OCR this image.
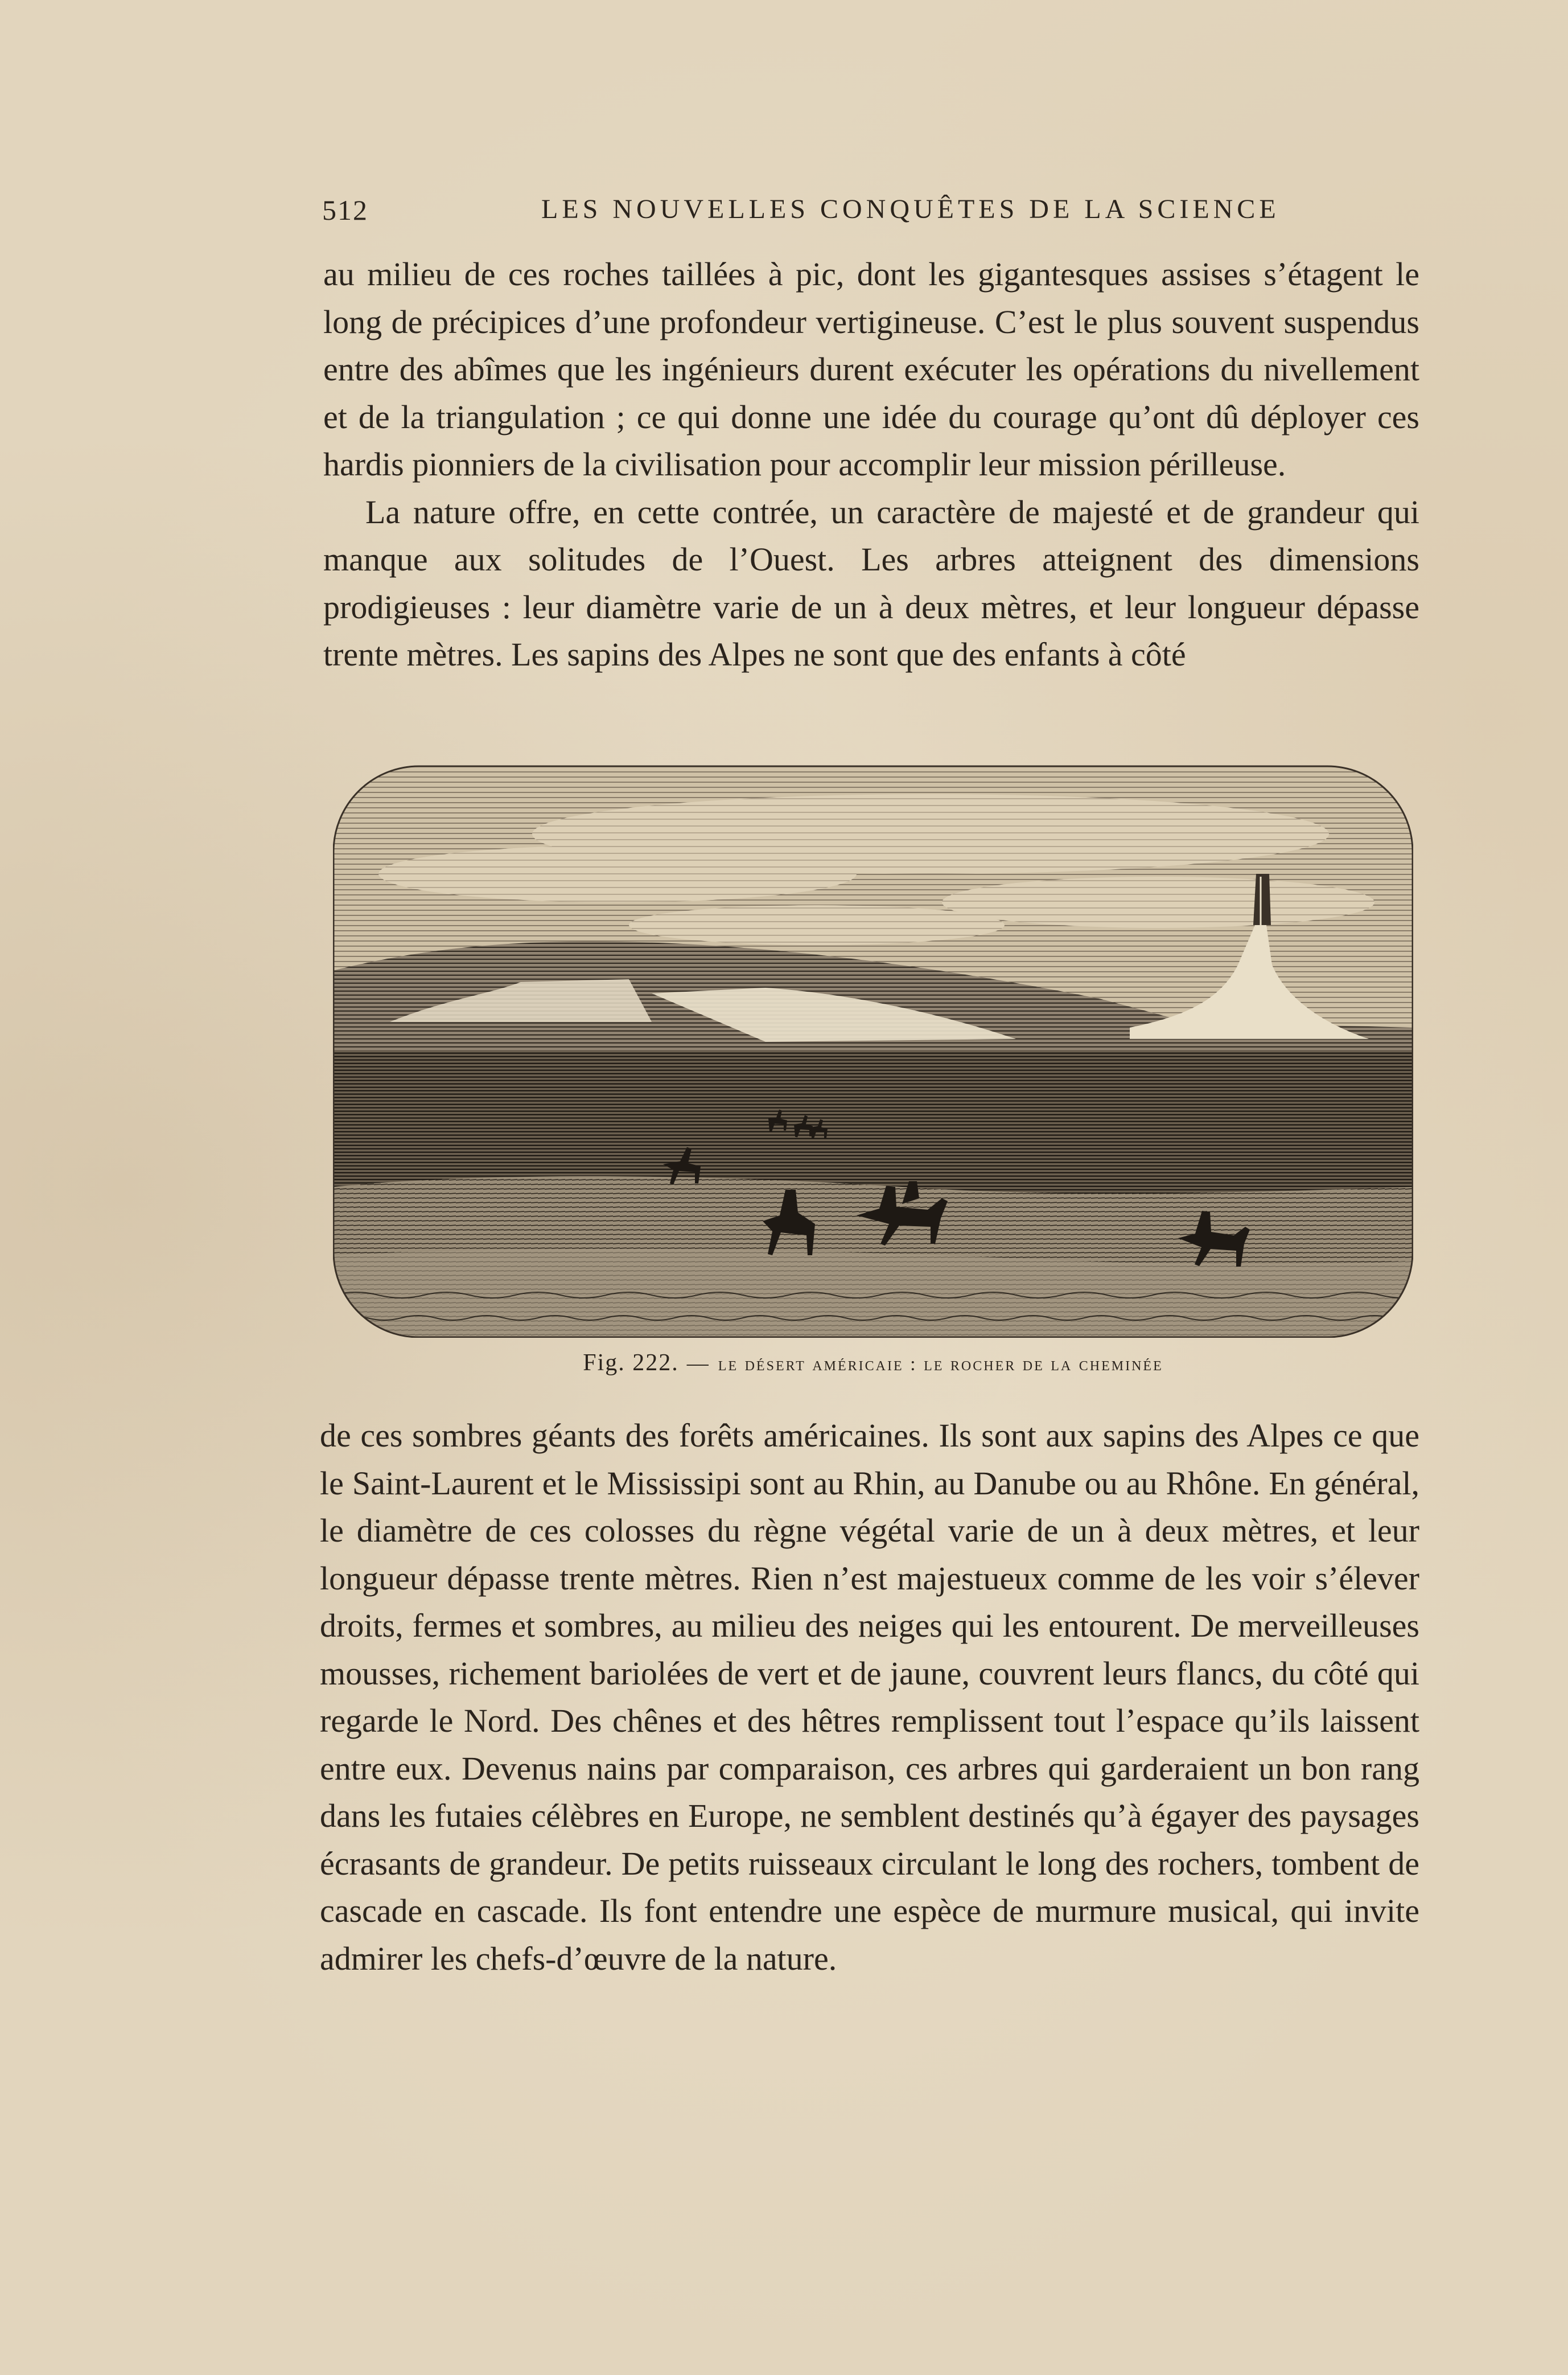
512	LES NOUVELLES CONQUÊTES DE LA SCIENCE

au milieu de ces roches taillées à pic, dont les gigantesques assises s’étagent le long de précipices d’une profondeur vertigineuse. C’est le plus souvent suspendus entre des abîmes que les ingénieurs durent exécuter les opérations du nivellement et de la triangulation ; ce qui donne une idée du courage qu’ont dû déployer ces hardis pionniers de la civilisation pour accomplir leur mission périlleuse.

La nature offre, en cette contrée, un caractère de majesté et de grandeur qui manque aux solitudes de l’Ouest. Les arbres atteignent des dimensions prodigieuses : leur diamètre varie de un à deux mètres, et leur longueur dépasse trente mètres. Les sapins des Alpes ne sont que des enfants à côté

Fig. 222. — le désert américaie : le rocher de la cheminée

de ces sombres géants des forêts américaines. Ils sont aux sapins des Alpes ce que le Saint-Laurent et le Mississipi sont au Rhin, au Danube ou au Rhône. En général, le diamètre de ces colosses du règne végétal varie de un à deux mètres, et leur longueur dépasse trente mètres. Rien n’est majestueux comme de les voir s’élever droits, fermes et sombres, au milieu des neiges qui les entourent. De merveilleuses mousses, richement bariolées de vert et de jaune, couvrent leurs flancs, du côté qui regarde le Nord. Des chênes et des hêtres remplissent tout l’espace qu’ils laissent entre eux. Devenus nains par comparaison, ces arbres qui garderaient un bon rang dans les futaies célèbres en Europe, ne semblent destinés qu’à égayer des paysages écrasants de grandeur. De petits ruisseaux circulant le long des rochers, tombent de cascade en cascade. Ils font entendre une espèce de murmure musical, qui invite admirer les chefs-d’œuvre de la nature.
